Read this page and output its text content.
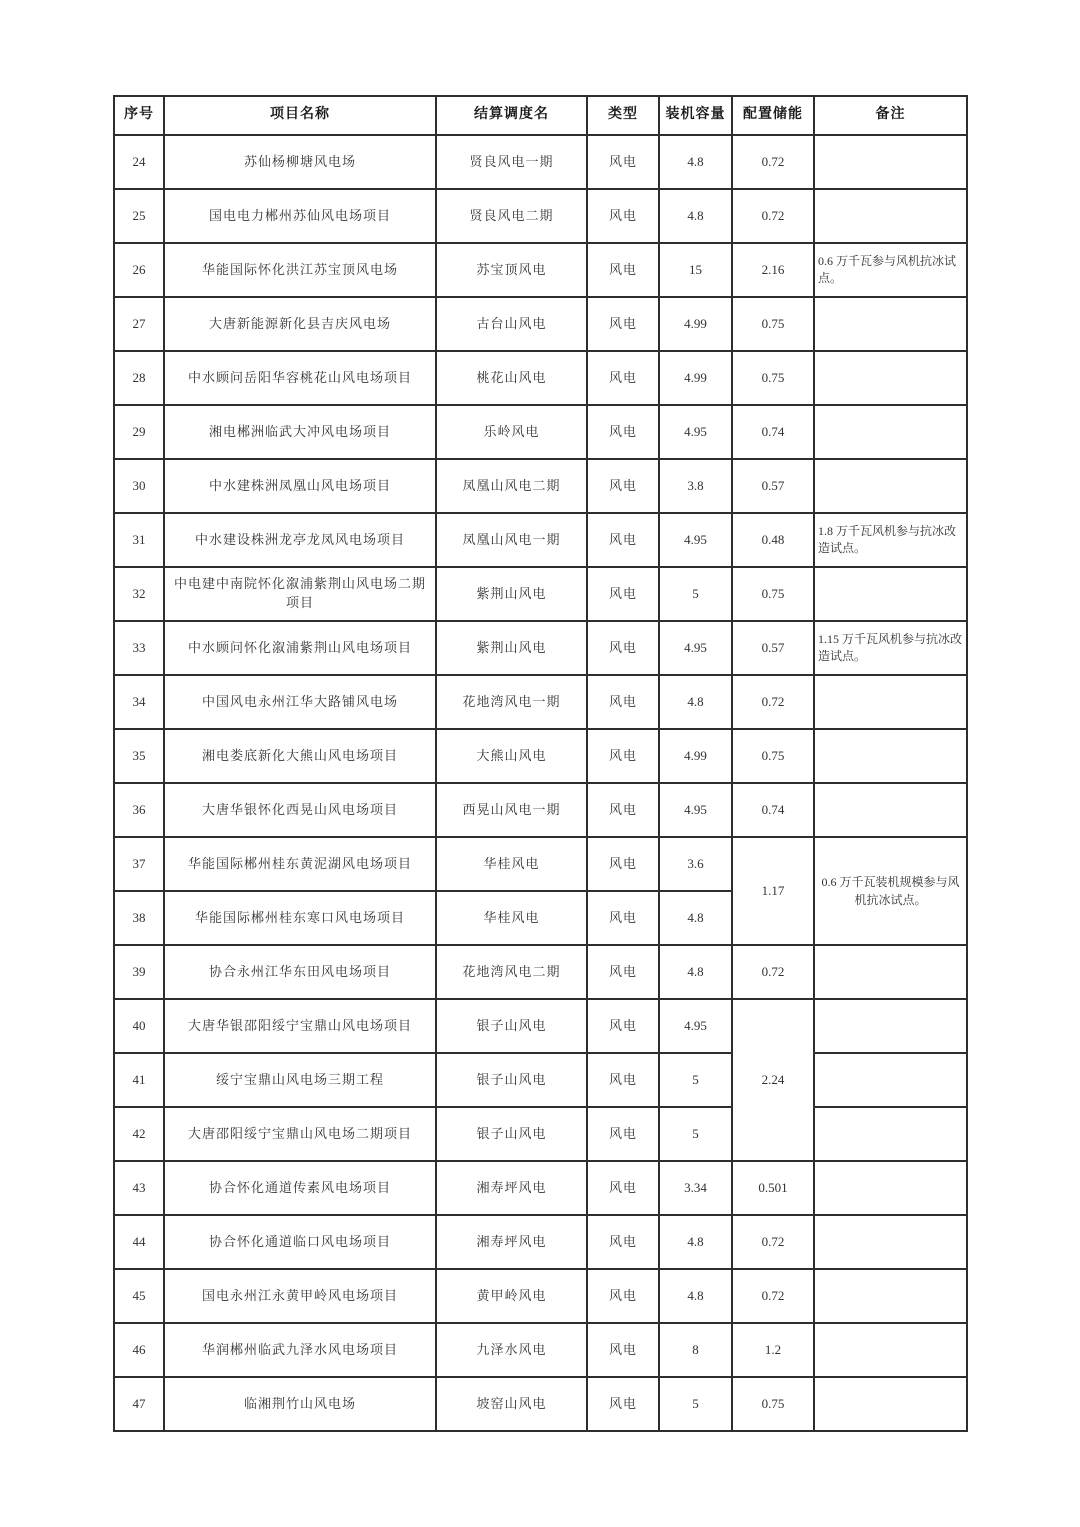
序号	项目名称	结算调度名	类型	装机容量	配置储能	备注
24	苏仙杨柳塘风电场	贤良风电一期	风电	4.8	0.72	
25	国电电力郴州苏仙风电场项目	贤良风电二期	风电	4.8	0.72	
26	华能国际怀化洪江苏宝顶风电场	苏宝顶风电	风电	15	2.16	0.6 万千瓦参与风机抗冰试点。
27	大唐新能源新化县吉庆风电场	古台山风电	风电	4.99	0.75	
28	中水顾问岳阳华容桃花山风电场项目	桃花山风电	风电	4.99	0.75	
29	湘电郴洲临武大冲风电场项目	乐岭风电	风电	4.95	0.74	
30	中水建株洲凤凰山风电场项目	凤凰山风电二期	风电	3.8	0.57	
31	中水建设株洲龙亭龙凤风电场项目	凤凰山风电一期	风电	4.95	0.48	1.8 万千瓦风机参与抗冰改造试点。
32	中电建中南院怀化溆浦紫荆山风电场二期项目	紫荆山风电	风电	5	0.75	
33	中水顾问怀化溆浦紫荆山风电场项目	紫荆山风电	风电	4.95	0.57	1.15 万千瓦风机参与抗冰改造试点。
34	中国风电永州江华大路铺风电场	花地湾风电一期	风电	4.8	0.72	
35	湘电娄底新化大熊山风电场项目	大熊山风电	风电	4.99	0.75	
36	大唐华银怀化西晃山风电场项目	西晃山风电一期	风电	4.95	0.74	
37	华能国际郴州桂东黄泥湖风电场项目	华桂风电	风电	3.6	1.17	0.6 万千瓦装机规模参与风机抗冰试点。
38	华能国际郴州桂东寒口风电场项目	华桂风电	风电	4.8		
39	协合永州江华东田风电场项目	花地湾风电二期	风电	4.8	0.72	
40	大唐华银邵阳绥宁宝鼎山风电场项目	银子山风电	风电	4.95	2.24	
41	绥宁宝鼎山风电场三期工程	银子山风电	风电	5		
42	大唐邵阳绥宁宝鼎山风电场二期项目	银子山风电	风电	5		
43	协合怀化通道传素风电场项目	湘寿坪风电	风电	3.34	0.501	
44	协合怀化通道临口风电场项目	湘寿坪风电	风电	4.8	0.72	
45	国电永州江永黄甲岭风电场项目	黄甲岭风电	风电	4.8	0.72	
46	华润郴州临武九泽水风电场项目	九泽水风电	风电	8	1.2	
47	临湘荆竹山风电场	坡窑山风电	风电	5	0.75	
